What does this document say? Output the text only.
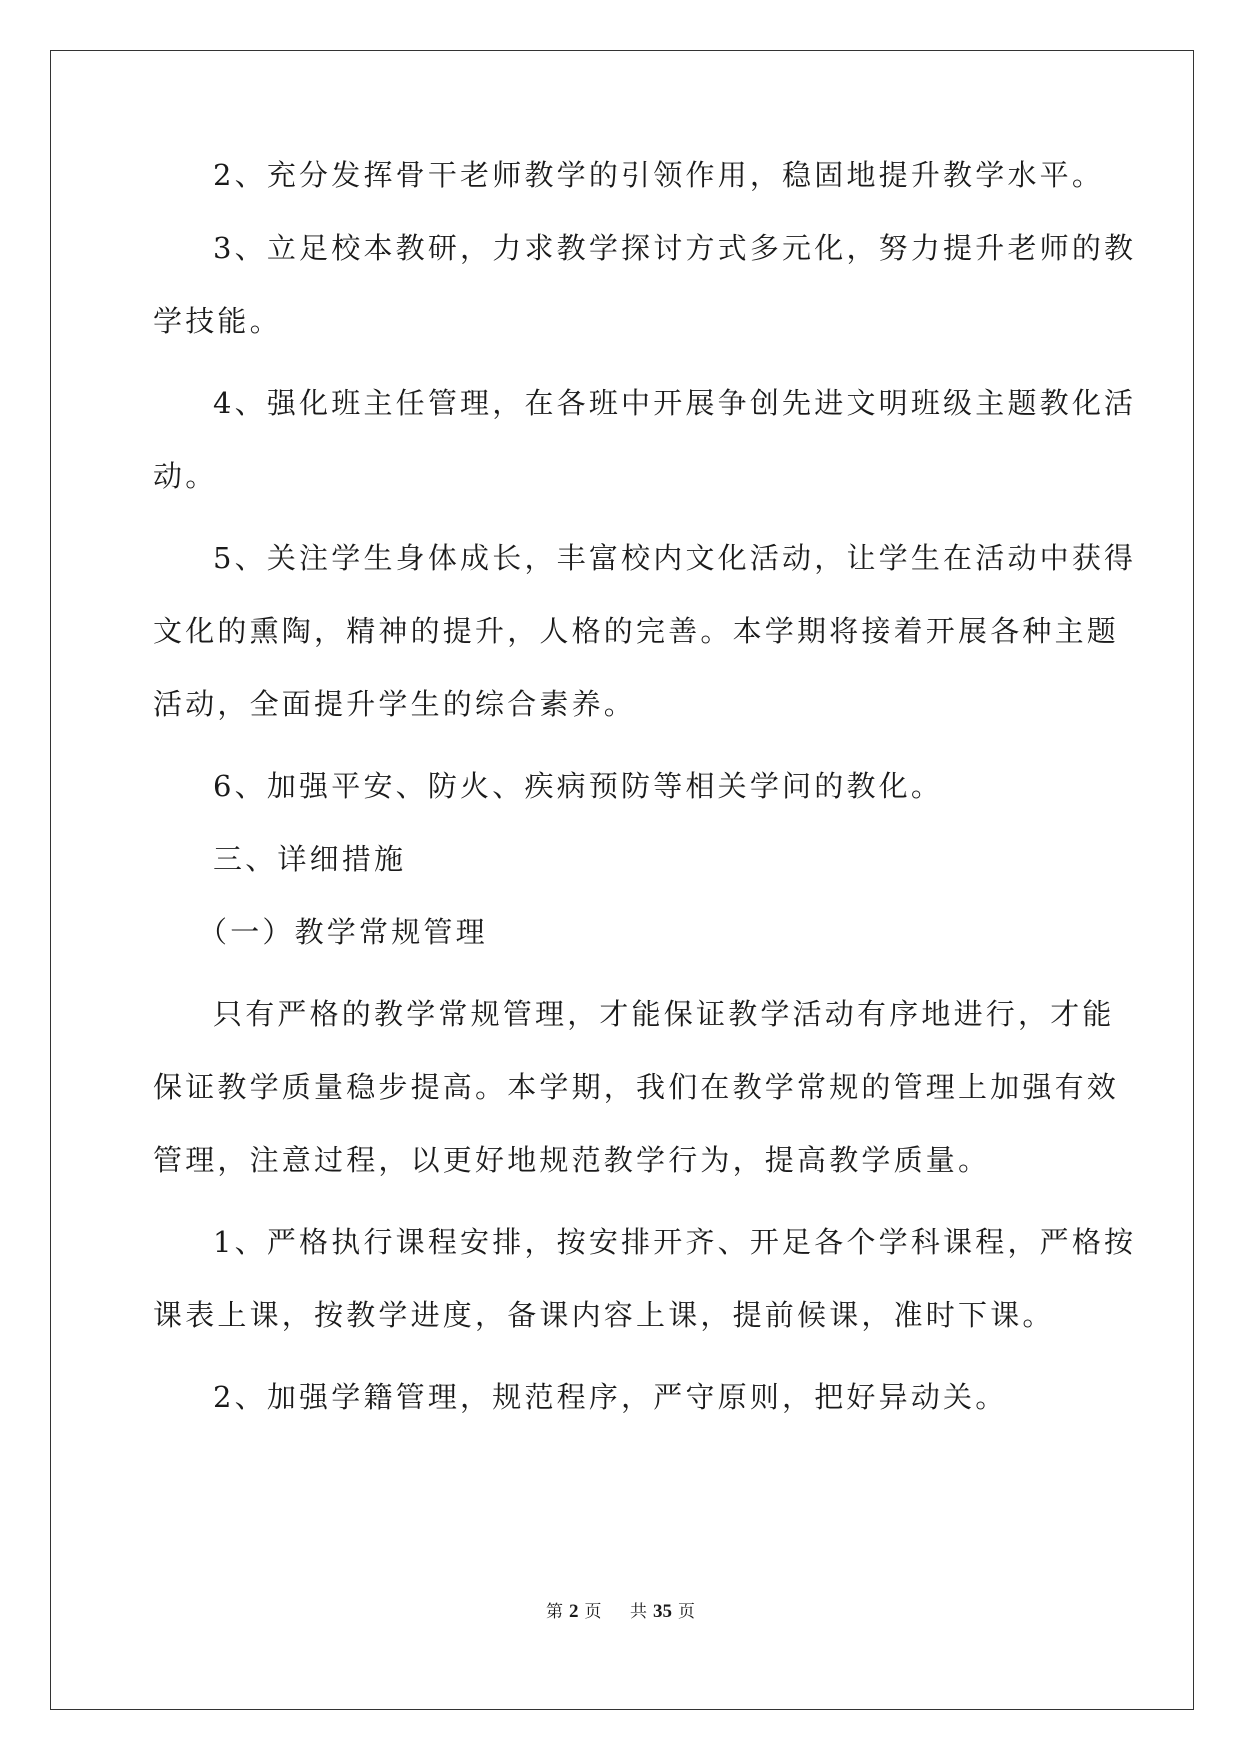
2、充分发挥骨干老师教学的引领作用，稳固地提升教学水平。
3、立足校本教研，力求教学探讨方式多元化，努力提升老师的教
学技能。
4、强化班主任管理，在各班中开展争创先进文明班级主题教化活
动。
5、关注学生身体成长，丰富校内文化活动，让学生在活动中获得
文化的熏陶，精神的提升，人格的完善。本学期将接着开展各种主题
活动，全面提升学生的综合素养。
6、加强平安、防火、疾病预防等相关学问的教化。
三、详细措施
（一）教学常规管理
只有严格的教学常规管理，才能保证教学活动有序地进行，才能
保证教学质量稳步提高。本学期，我们在教学常规的管理上加强有效
管理，注意过程，以更好地规范教学行为，提高教学质量。
1、严格执行课程安排，按安排开齐、开足各个学科课程，严格按
课表上课，按教学进度，备课内容上课，提前候课，准时下课。
2、加强学籍管理，规范程序，严守原则，把好异动关。
第 2 页 共 35 页
